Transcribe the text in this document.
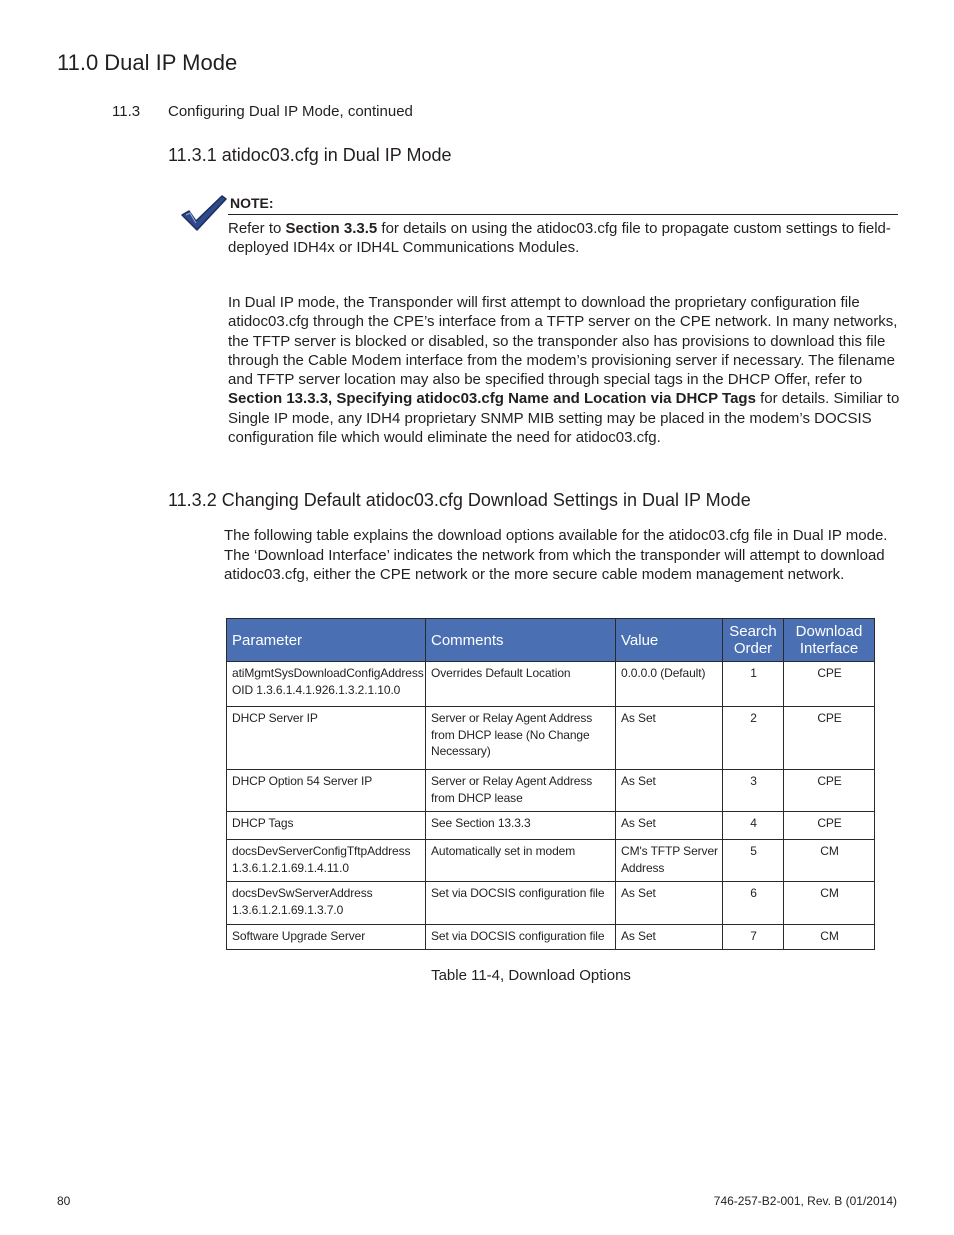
11.0 Dual IP Mode
11.3 Configuring Dual IP Mode, continued
11.3.1 atidoc03.cfg in Dual IP Mode
NOTE:
Refer to Section 3.3.5 for details on using the atidoc03.cfg file to propagate custom settings to field-deployed IDH4x or IDH4L Communications Modules.
In Dual IP mode, the Transponder will first attempt to download the proprietary configuration file atidoc03.cfg through the CPE’s interface from a TFTP server on the CPE network. In many networks, the TFTP server is blocked or disabled, so the transponder also has provisions to download this file through the Cable Modem interface from the modem’s provisioning server if necessary. The filename and TFTP server location may also be specified through special tags in the DHCP Offer, refer to Section 13.3.3, Specifying atidoc03.cfg Name and Location via DHCP Tags for details. Similiar to Single IP mode, any IDH4 proprietary SNMP MIB setting may be placed in the modem’s DOCSIS configuration file which would eliminate the need for atidoc03.cfg.
11.3.2 Changing Default atidoc03.cfg Download Settings in Dual IP Mode
The following table explains the download options available for the atidoc03.cfg file in Dual IP mode. The ‘Download Interface’ indicates the network from which the transponder will attempt to download atidoc03.cfg, either the CPE network or the more secure cable modem management network.
Parameter	Comments	Value	Search Order	Download Interface
atiMgmtSysDownloadConfigAddress OID 1.3.6.1.4.1.926.1.3.2.1.10.0	Overrides Default Location	0.0.0.0 (Default)	1	CPE
DHCP Server IP	Server or Relay Agent Address from DHCP lease (No Change Necessary)	As Set	2	CPE
DHCP Option 54 Server IP	Server or Relay Agent Address from DHCP lease	As Set	3	CPE
DHCP Tags	See Section 13.3.3	As Set	4	CPE
docsDevServerConfigTftpAddress 1.3.6.1.2.1.69.1.4.11.0	Automatically set in modem	CM's TFTP Server Address	5	CM
docsDevSwServerAddress 1.3.6.1.2.1.69.1.3.7.0	Set via DOCSIS configuration file	As Set	6	CM
Software Upgrade Server	Set via DOCSIS configuration file	As Set	7	CM
Table 11-4, Download Options
80	746-257-B2-001, Rev. B (01/2014)
